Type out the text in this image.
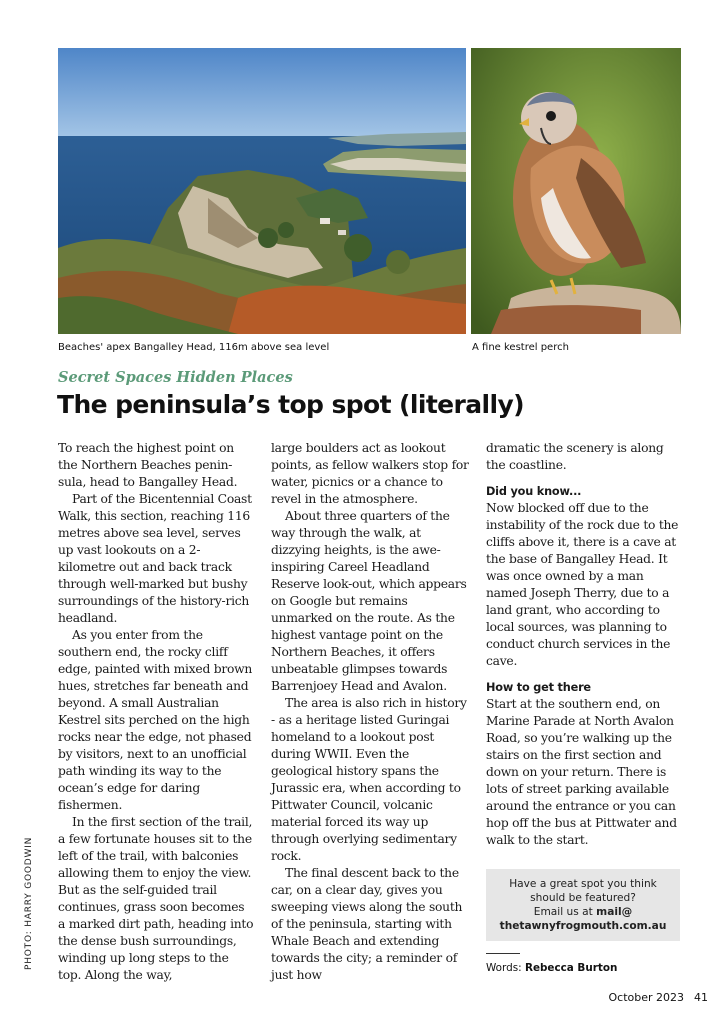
Beaches' apex Bangalley Head, 116m above sea level	A fine kestrel perch
Secret Spaces Hidden Places
The peninsula’s top spot (literally)

To reach the highest point on the Northern Beaches penin-sula, head to Bangalley Head.

Part of the Bicentennial Coast Walk, this section, reaching 116 metres above sea level, serves up vast lookouts on a 2-kilometre out and back track through well-marked but bushy surroundings of the history-rich headland.

As you enter from the southern end, the rocky cliff edge, painted with mixed brown hues, stretches far beneath and beyond. A small Australian Kestrel sits perched on the high rocks near the edge, not phased by visitors, next to an unofficial path winding its way to the ocean’s edge for daring fishermen.

In the first section of the trail, a few fortunate houses sit to the left of the trail, with balconies allowing them to enjoy the view. But as the self-guided trail continues, grass soon becomes a marked dirt path, heading into the dense bush surroundings, winding up long steps to the top. Along the way,

large boulders act as lookout points, as fellow walkers stop for water, picnics or a chance to revel in the atmosphere.

About three quarters of the way through the walk, at dizzying heights, is the awe-inspiring Careel Headland Reserve look-out, which appears on Google but remains unmarked on the route. As the highest vantage point on the Northern Beaches, it offers unbeatable glimpses towards Barrenjoey Head and Avalon.

The area is also rich in history - as a heritage listed Guringai homeland to a lookout post during WWII. Even the geological history spans the Jurassic era, when according to Pittwater Council, volcanic material forced its way up through overlying sedimentary rock.

The final descent back to the car, on a clear day, gives you sweeping views along the south of the peninsula, starting with Whale Beach and extending towards the city; a reminder of just how

dramatic the scenery is along the coastline.

Did you know...

Now blocked off due to the instability of the rock due to the cliffs above it, there is a cave at the base of Bangalley Head. It was once owned by a man named Joseph Therry, due to a land grant, who according to local sources, was planning to conduct church services in the cave.

How to get there

Start at the southern end, on Marine Parade at North Avalon Road, so you’re walking up the stairs on the first section and down on your return. There is lots of street parking available around the entrance or you can hop off the bus at Pittwater and walk to the start.

PHOTO: HARRY GOODWIN	Have a great spot you think
should be featured?
Email us at mail@
thetawnyfrogmouth.com.au
Words: Rebecca Burton
October 2023 41
